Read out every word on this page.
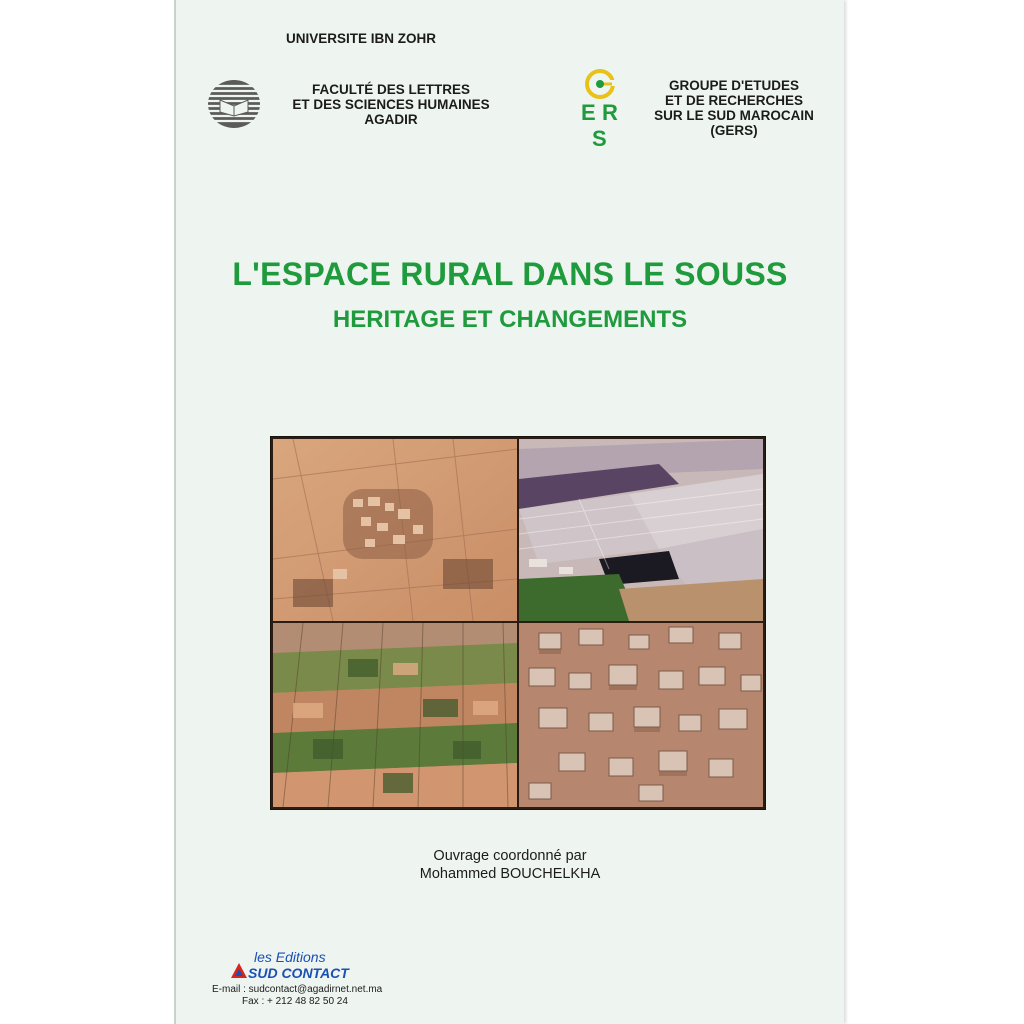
UNIVERSITE IBN ZOHR
FACULTÉ DES LETTRES
ET DES SCIENCES HUMAINES
AGADIR	E R
S
GROUPE D'ETUDES
ET DE RECHERCHES
SUR LE SUD MAROCAIN
(GERS)
L'ESPACE RURAL DANS LE SOUSS
HERITAGE ET CHANGEMENTS
Ouvrage coordonné par
Mohammed BOUCHELKHA
les Editions
SUD CONTACT
E-mail : sudcontact@agadirnet.net.ma
Fax : + 212 48 82 50 24
